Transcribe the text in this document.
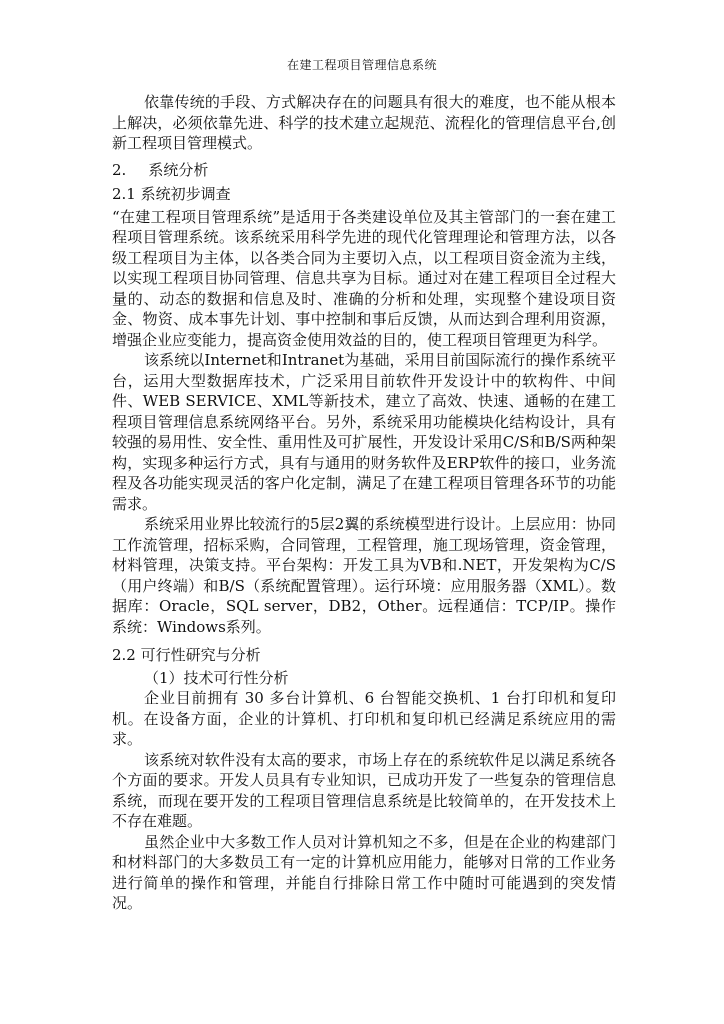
在建工程项目管理信息系统

依靠传统的手段、方式解决存在的问题具有很大的难度，也不能从根本上解决，必须依靠先进、科学的技术建立起规范、流程化的管理信息平台,创新工程项目管理模式。

2. 系统分析

2.1 系统初步调查

“在建工程项目管理系统”是适用于各类建设单位及其主管部门的一套在建工程项目管理系统。该系统采用科学先进的现代化管理理论和管理方法，以各级工程项目为主体，以各类合同为主要切入点，以工程项目资金流为主线，以实现工程项目协同管理、信息共享为目标。通过对在建工程项目全过程大量的、动态的数据和信息及时、准确的分析和处理，实现整个建设项目资金、物资、成本事先计划、事中控制和事后反馈，从而达到合理利用资源，增强企业应变能力，提高资金使用效益的目的，使工程项目管理更为科学。

该系统以Internet和Intranet为基础，采用目前国际流行的操作系统平台，运用大型数据库技术，广泛采用目前软件开发设计中的软构件、中间件、WEB SERVICE、XML等新技术，建立了高效、快速、通畅的在建工程项目管理信息系统网络平台。另外，系统采用功能模块化结构设计，具有较强的易用性、安全性、重用性及可扩展性，开发设计采用C/S和B/S两种架构，实现多种运行方式，具有与通用的财务软件及ERP软件的接口，业务流程及各功能实现灵活的客户化定制，满足了在建工程项目管理各环节的功能需求。

系统采用业界比较流行的5层2翼的系统模型进行设计。上层应用：协同工作流管理，招标采购，合同管理，工程管理，施工现场管理，资金管理，材料管理，决策支持。平台架构：开发工具为VB和.NET，开发架构为C/S（用户终端）和B/S（系统配置管理）。运行环境：应用服务器（XML）。数据库：Oracle，SQL server，DB2，Other。远程通信：TCP/IP。操作系统：Windows系列。

2.2 可行性研究与分析

（1）技术可行性分析

企业目前拥有 30 多台计算机、6 台智能交换机、1 台打印机和复印机。在设备方面，企业的计算机、打印机和复印机已经满足系统应用的需求。

该系统对软件没有太高的要求，市场上存在的系统软件足以满足系统各个方面的要求。开发人员具有专业知识，已成功开发了一些复杂的管理信息系统，而现在要开发的工程项目管理信息系统是比较简单的，在开发技术上不存在难题。

虽然企业中大多数工作人员对计算机知之不多，但是在企业的构建部门和材料部门的大多数员工有一定的计算机应用能力，能够对日常的工作业务进行简单的操作和管理，并能自行排除日常工作中随时可能遇到的突发情况。
